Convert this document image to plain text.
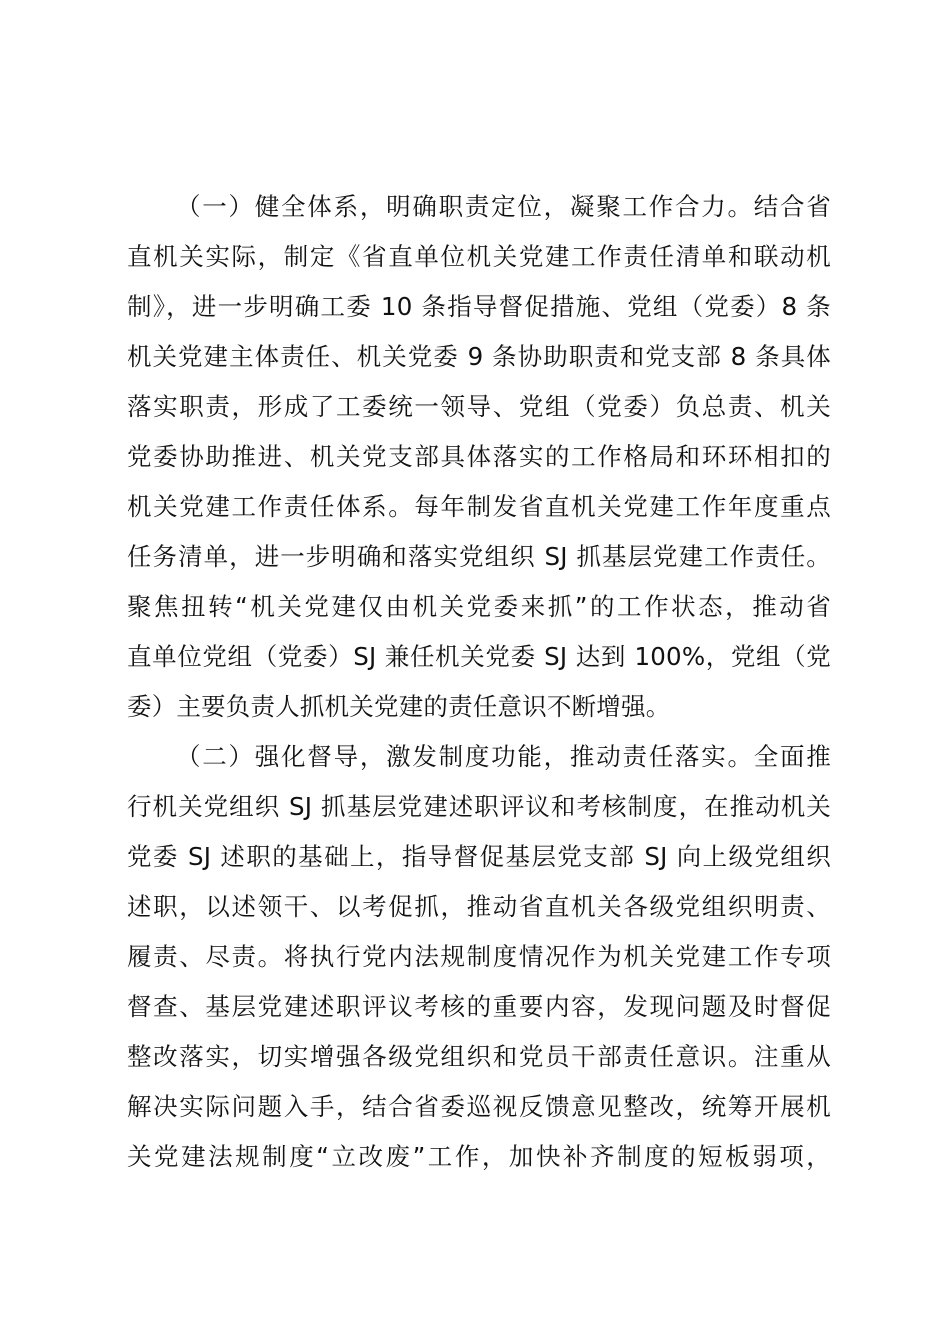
（一）健全体系，明确职责定位，凝聚工作合力。结合省
直机关实际，制定《省直单位机关党建工作责任清单和联动机
制》，进一步明确工委 10 条指导督促措施、党组（党委）8 条
机关党建主体责任、机关党委 9 条协助职责和党支部 8 条具体
落实职责，形成了工委统一领导、党组（党委）负总责、机关
党委协助推进、机关党支部具体落实的工作格局和环环相扣的
机关党建工作责任体系。每年制发省直机关党建工作年度重点
任务清单，进一步明确和落实党组织 SJ 抓基层党建工作责任。
聚焦扭转“机关党建仅由机关党委来抓”的工作状态，推动省
直单位党组（党委）SJ 兼任机关党委 SJ 达到 100%，党组（党
委）主要负责人抓机关党建的责任意识不断增强。
（二）强化督导，激发制度功能，推动责任落实。全面推
行机关党组织 SJ 抓基层党建述职评议和考核制度，在推动机关
党委 SJ 述职的基础上，指导督促基层党支部 SJ 向上级党组织
述职，以述领干、以考促抓，推动省直机关各级党组织明责、
履责、尽责。将执行党内法规制度情况作为机关党建工作专项
督查、基层党建述职评议考核的重要内容，发现问题及时督促
整改落实，切实增强各级党组织和党员干部责任意识。注重从
解决实际问题入手，结合省委巡视反馈意见整改，统筹开展机
关党建法规制度“立改废”工作，加快补齐制度的短板弱项，
